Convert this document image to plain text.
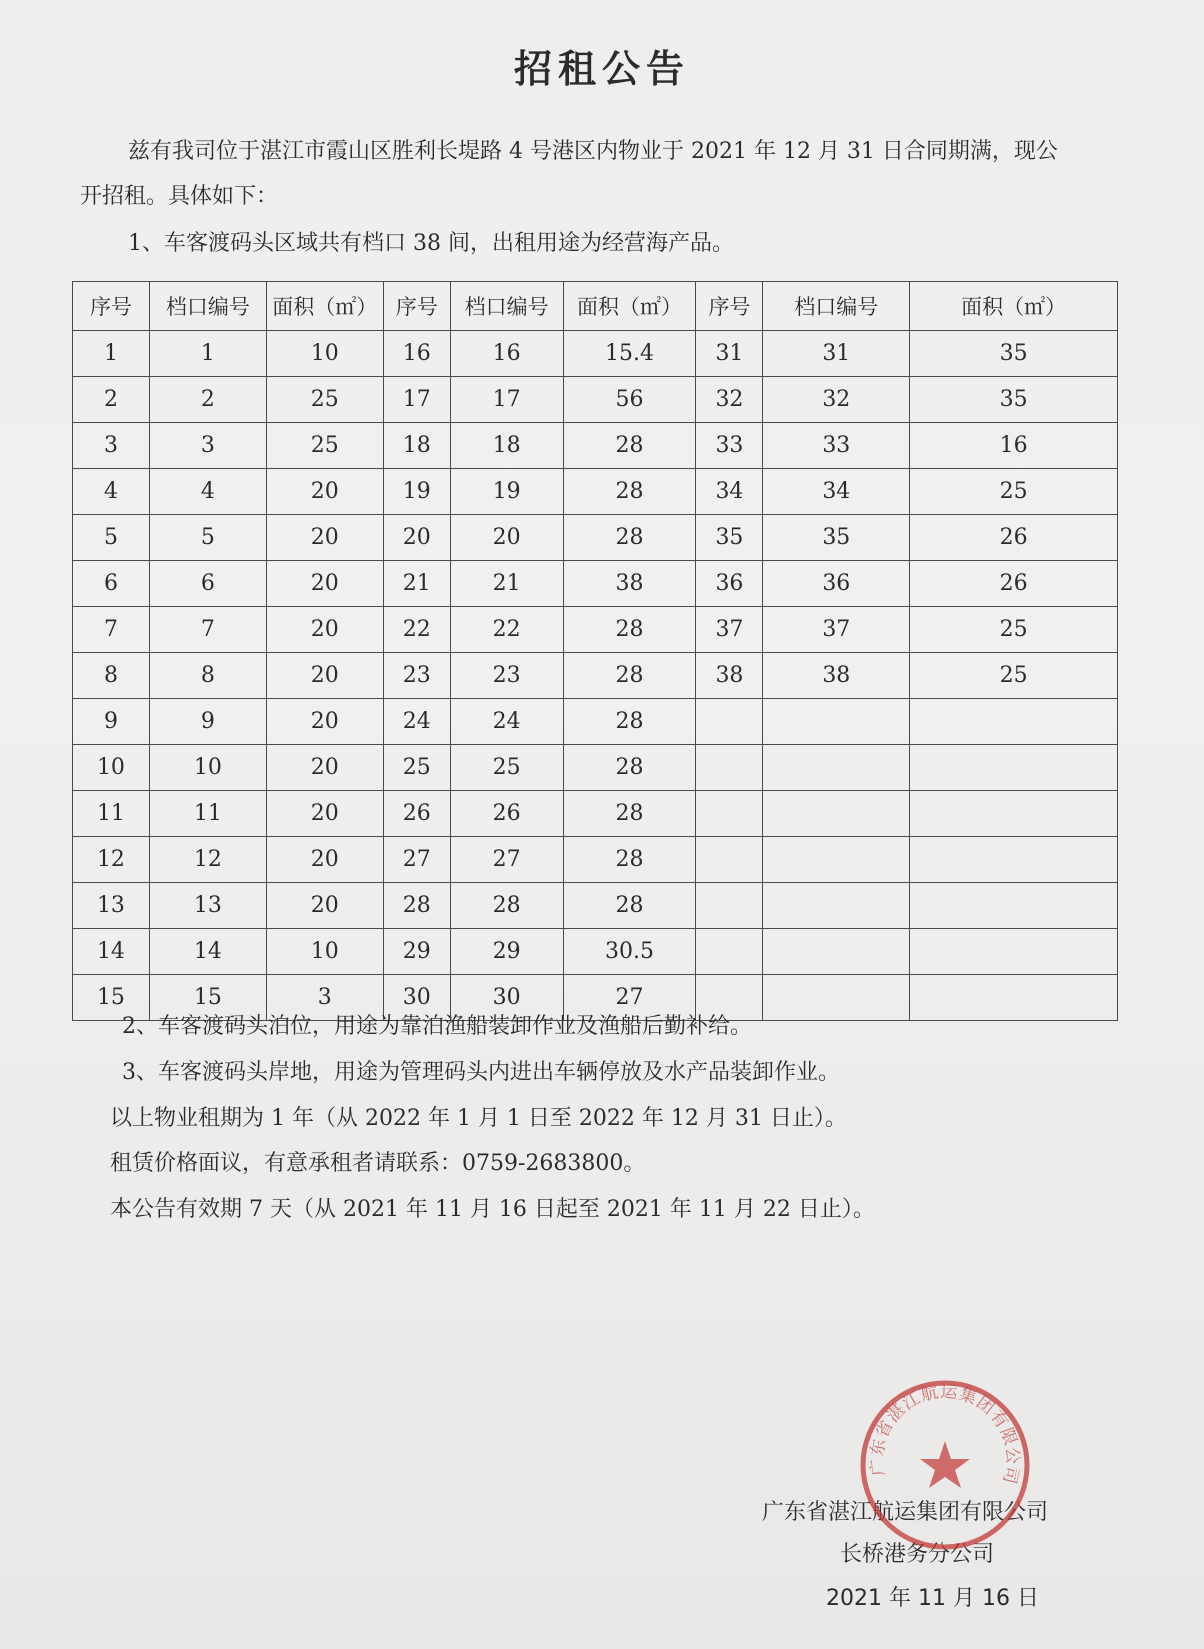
招租公告
兹有我司位于湛江市霞山区胜利长堤路 4 号港区内物业于 2021 年 12 月 31 日合同期满，现公
开招租。具体如下：
1、车客渡码头区域共有档口 38 间，出租用途为经营海产品。
序号	档口编号	面积（㎡）	序号	档口编号	面积（㎡）	序号	档口编号	面积（㎡）
1	1	10	16	16	15.4	31	31	35
2	2	25	17	17	56	32	32	35
3	3	25	18	18	28	33	33	16
4	4	20	19	19	28	34	34	25
5	5	20	20	20	28	35	35	26
6	6	20	21	21	38	36	36	26
7	7	20	22	22	28	37	37	25
8	8	20	23	23	28	38	38	25
9	9	20	24	24	28			
10	10	20	25	25	28			
11	11	20	26	26	28			
12	12	20	27	27	28			
13	13	20	28	28	28			
14	14	10	29	29	30.5			
15	15	3	30	30	27			
2、车客渡码头泊位，用途为靠泊渔船装卸作业及渔船后勤补给。
3、车客渡码头岸地，用途为管理码头内进出车辆停放及水产品装卸作业。
以上物业租期为 1 年（从 2022 年 1 月 1 日至 2022 年 12 月 31 日止）。
租赁价格面议，有意承租者请联系：0759-2683800。
本公告有效期 7 天（从 2021 年 11 月 16 日起至 2021 年 11 月 22 日止）。
广东省湛江航运集团有限公司
长桥港务分公司
2021 年 11 月 16 日
广东省湛江航运集团有限公司
